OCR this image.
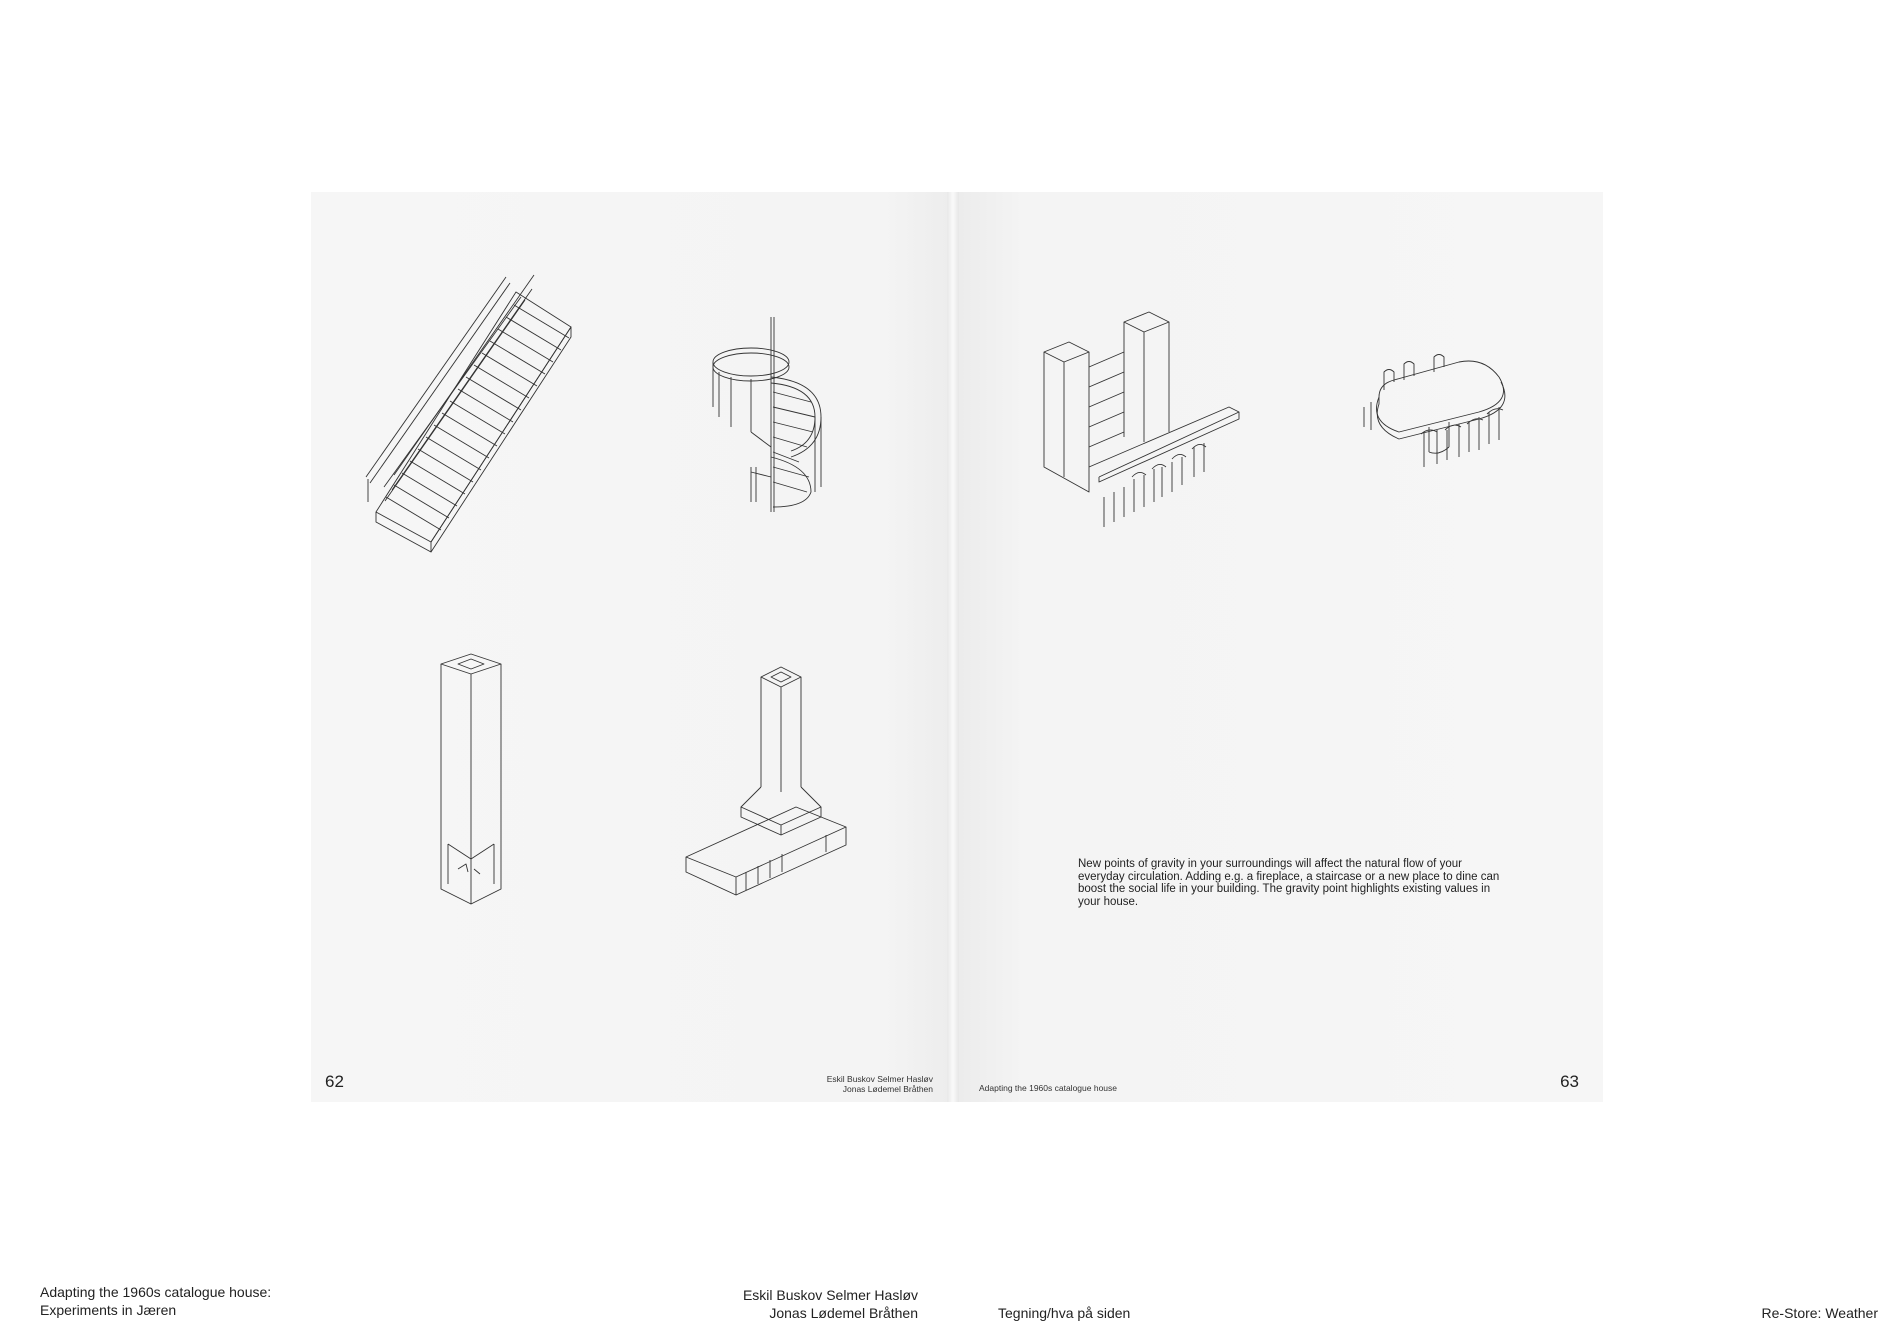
62	Eskil Buskov Selmer Hasløv
Jonas Lødemel Bråthen
New points of gravity in your surroundings will affect the natural flow of your everyday circulation. Adding e.g. a fireplace, a staircase or a new place to dine can boost the social life in your building. The gravity point highlights existing values in your house.
Adapting the 1960s catalogue house	63
Adapting the 1960s catalogue house:
Experiments in Jæren
Eskil Buskov Selmer Hasløv
Jonas Lødemel Bråthen	Tegning/hva på siden	Re-Store: Weather
